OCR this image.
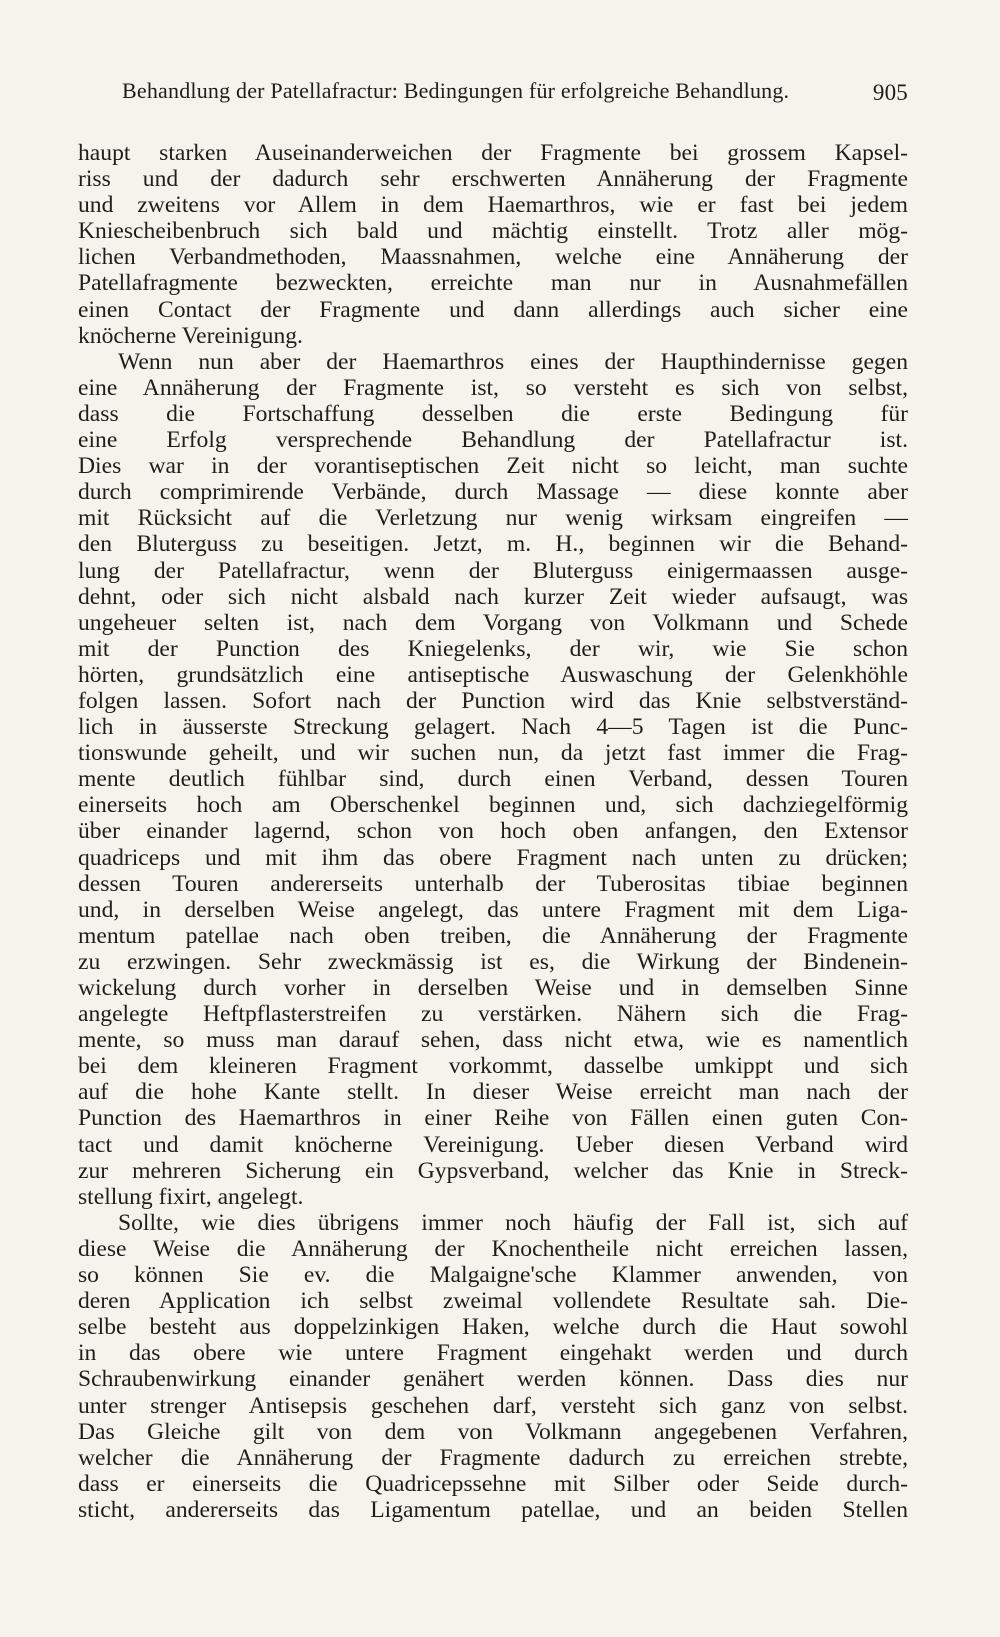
Behandlung der Patellafractur: Bedingungen für erfolgreiche Behandlung.	905
haupt starken Auseinanderweichen der Fragmente bei grossem Kapsel-
riss und der dadurch sehr erschwerten Annäherung der Fragmente
und zweitens vor Allem in dem Haemarthros, wie er fast bei jedem
Kniescheibenbruch sich bald und mächtig einstellt. Trotz aller mög-
lichen Verbandmethoden, Maassnahmen, welche eine Annäherung der
Patellafragmente bezweckten, erreichte man nur in Ausnahmefällen
einen Contact der Fragmente und dann allerdings auch sicher eine
knöcherne Vereinigung.
Wenn nun aber der Haemarthros eines der Haupthindernisse gegen
eine Annäherung der Fragmente ist, so versteht es sich von selbst,
dass die Fortschaffung desselben die erste Bedingung für
eine Erfolg versprechende Behandlung der Patellafractur ist.
Dies war in der vorantiseptischen Zeit nicht so leicht, man suchte
durch comprimirende Verbände, durch Massage — diese konnte aber
mit Rücksicht auf die Verletzung nur wenig wirksam eingreifen —
den Bluterguss zu beseitigen. Jetzt, m. H., beginnen wir die Behand-
lung der Patellafractur, wenn der Bluterguss einigermaassen ausge-
dehnt, oder sich nicht alsbald nach kurzer Zeit wieder aufsaugt, was
ungeheuer selten ist, nach dem Vorgang von Volkmann und Schede
mit der Punction des Kniegelenks, der wir, wie Sie schon
hörten, grundsätzlich eine antiseptische Auswaschung der Gelenkhöhle
folgen lassen. Sofort nach der Punction wird das Knie selbstverständ-
lich in äusserste Streckung gelagert. Nach 4—5 Tagen ist die Punc-
tionswunde geheilt, und wir suchen nun, da jetzt fast immer die Frag-
mente deutlich fühlbar sind, durch einen Verband, dessen Touren
einerseits hoch am Oberschenkel beginnen und, sich dachziegelförmig
über einander lagernd, schon von hoch oben anfangen, den Extensor
quadriceps und mit ihm das obere Fragment nach unten zu drücken;
dessen Touren andererseits unterhalb der Tuberositas tibiae beginnen
und, in derselben Weise angelegt, das untere Fragment mit dem Liga-
mentum patellae nach oben treiben, die Annäherung der Fragmente
zu erzwingen. Sehr zweckmässig ist es, die Wirkung der Bindenein-
wickelung durch vorher in derselben Weise und in demselben Sinne
angelegte Heftpflasterstreifen zu verstärken. Nähern sich die Frag-
mente, so muss man darauf sehen, dass nicht etwa, wie es namentlich
bei dem kleineren Fragment vorkommt, dasselbe umkippt und sich
auf die hohe Kante stellt. In dieser Weise erreicht man nach der
Punction des Haemarthros in einer Reihe von Fällen einen guten Con-
tact und damit knöcherne Vereinigung. Ueber diesen Verband wird
zur mehreren Sicherung ein Gypsverband, welcher das Knie in Streck-
stellung fixirt, angelegt.
Sollte, wie dies übrigens immer noch häufig der Fall ist, sich auf
diese Weise die Annäherung der Knochentheile nicht erreichen lassen,
so können Sie ev. die Malgaigne'sche Klammer anwenden, von
deren Application ich selbst zweimal vollendete Resultate sah. Die-
selbe besteht aus doppelzinkigen Haken, welche durch die Haut sowohl
in das obere wie untere Fragment eingehakt werden und durch
Schraubenwirkung einander genähert werden können. Dass dies nur
unter strenger Antisepsis geschehen darf, versteht sich ganz von selbst.
Das Gleiche gilt von dem von Volkmann angegebenen Verfahren,
welcher die Annäherung der Fragmente dadurch zu erreichen strebte,
dass er einerseits die Quadricepssehne mit Silber oder Seide durch-
sticht, andererseits das Ligamentum patellae, und an beiden Stellen
